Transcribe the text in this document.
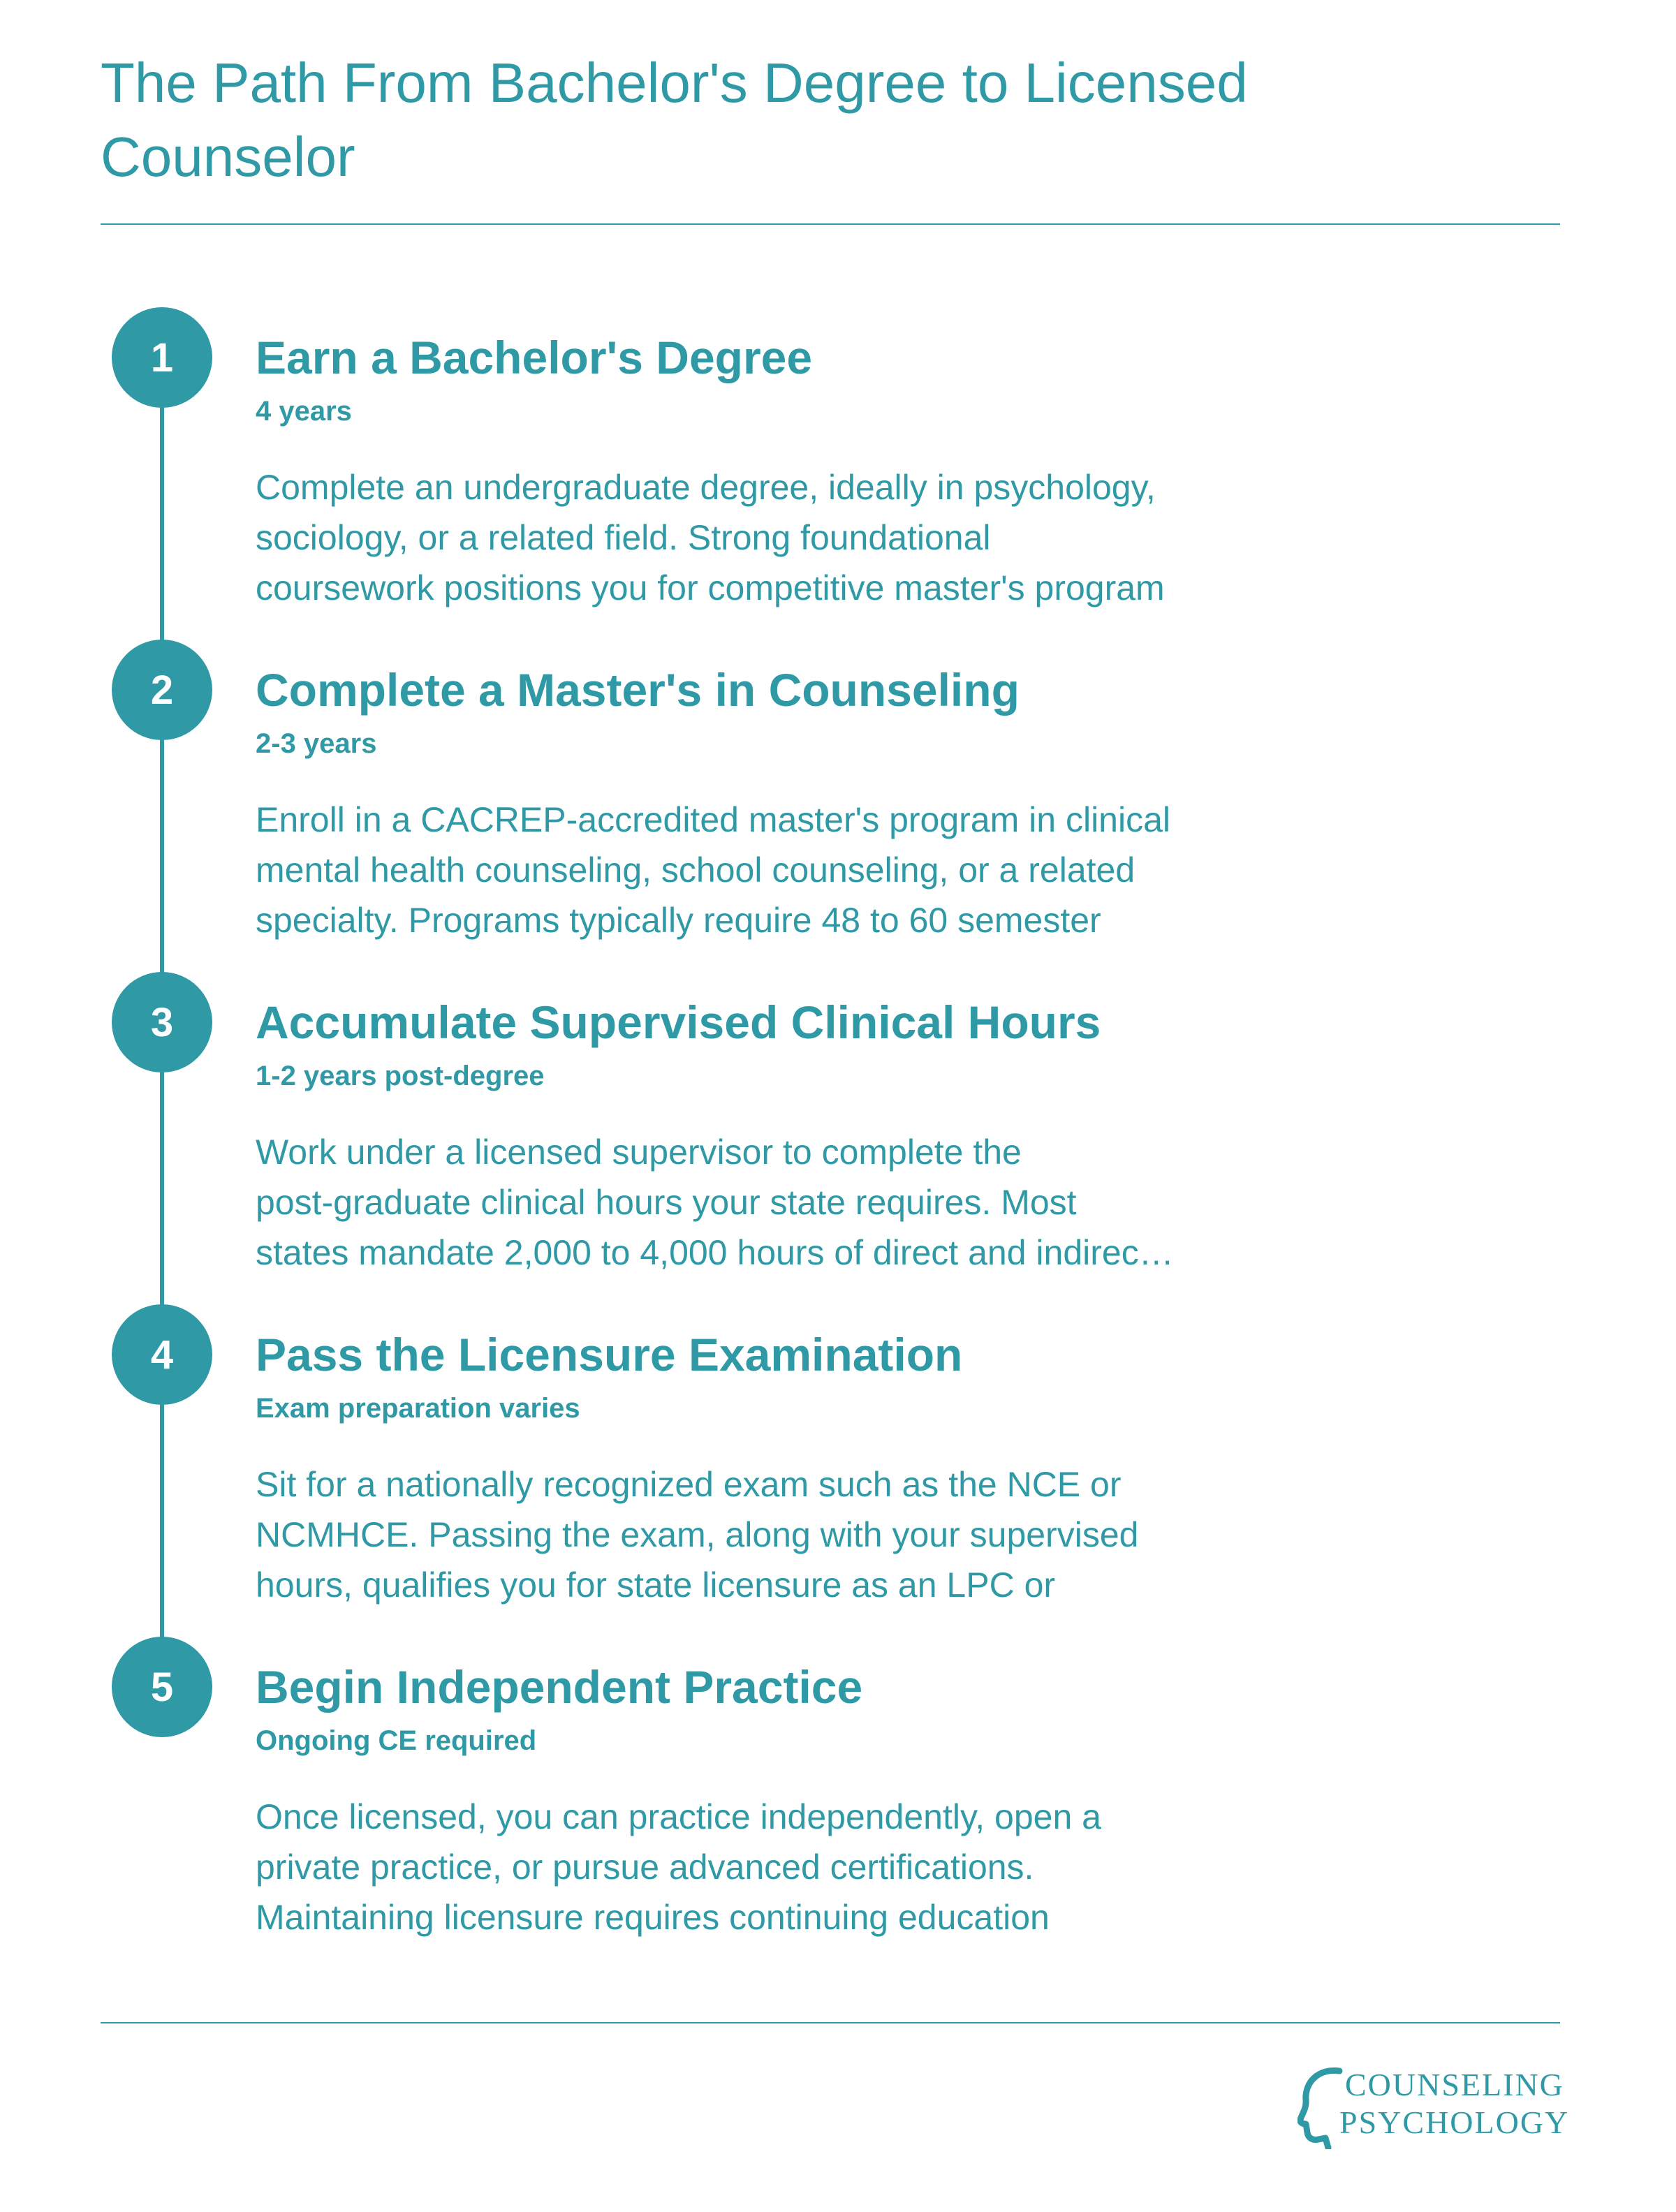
The Path From Bachelor's Degree to Licensed Counselor
1	Earn a Bachelor's Degree
4 years
Complete an undergraduate degree, ideally in psychology,
sociology, or a related field. Strong foundational
coursework positions you for competitive master's program
2	Complete a Master's in Counseling
2-3 years
Enroll in a CACREP-accredited master's program in clinical
mental health counseling, school counseling, or a related
specialty. Programs typically require 48 to 60 semester
3	Accumulate Supervised Clinical Hours
1-2 years post-degree
Work under a licensed supervisor to complete the
post-graduate clinical hours your state requires. Most
states mandate 2,000 to 4,000 hours of direct and indirec…
4	Pass the Licensure Examination
Exam preparation varies
Sit for a nationally recognized exam such as the NCE or
NCMHCE. Passing the exam, along with your supervised
hours, qualifies you for state licensure as an LPC or
5	Begin Independent Practice
Ongoing CE required
Once licensed, you can practice independently, open a
private practice, or pursue advanced certifications.
Maintaining licensure requires continuing education
COUNSELING
PSYCHOLOGY
